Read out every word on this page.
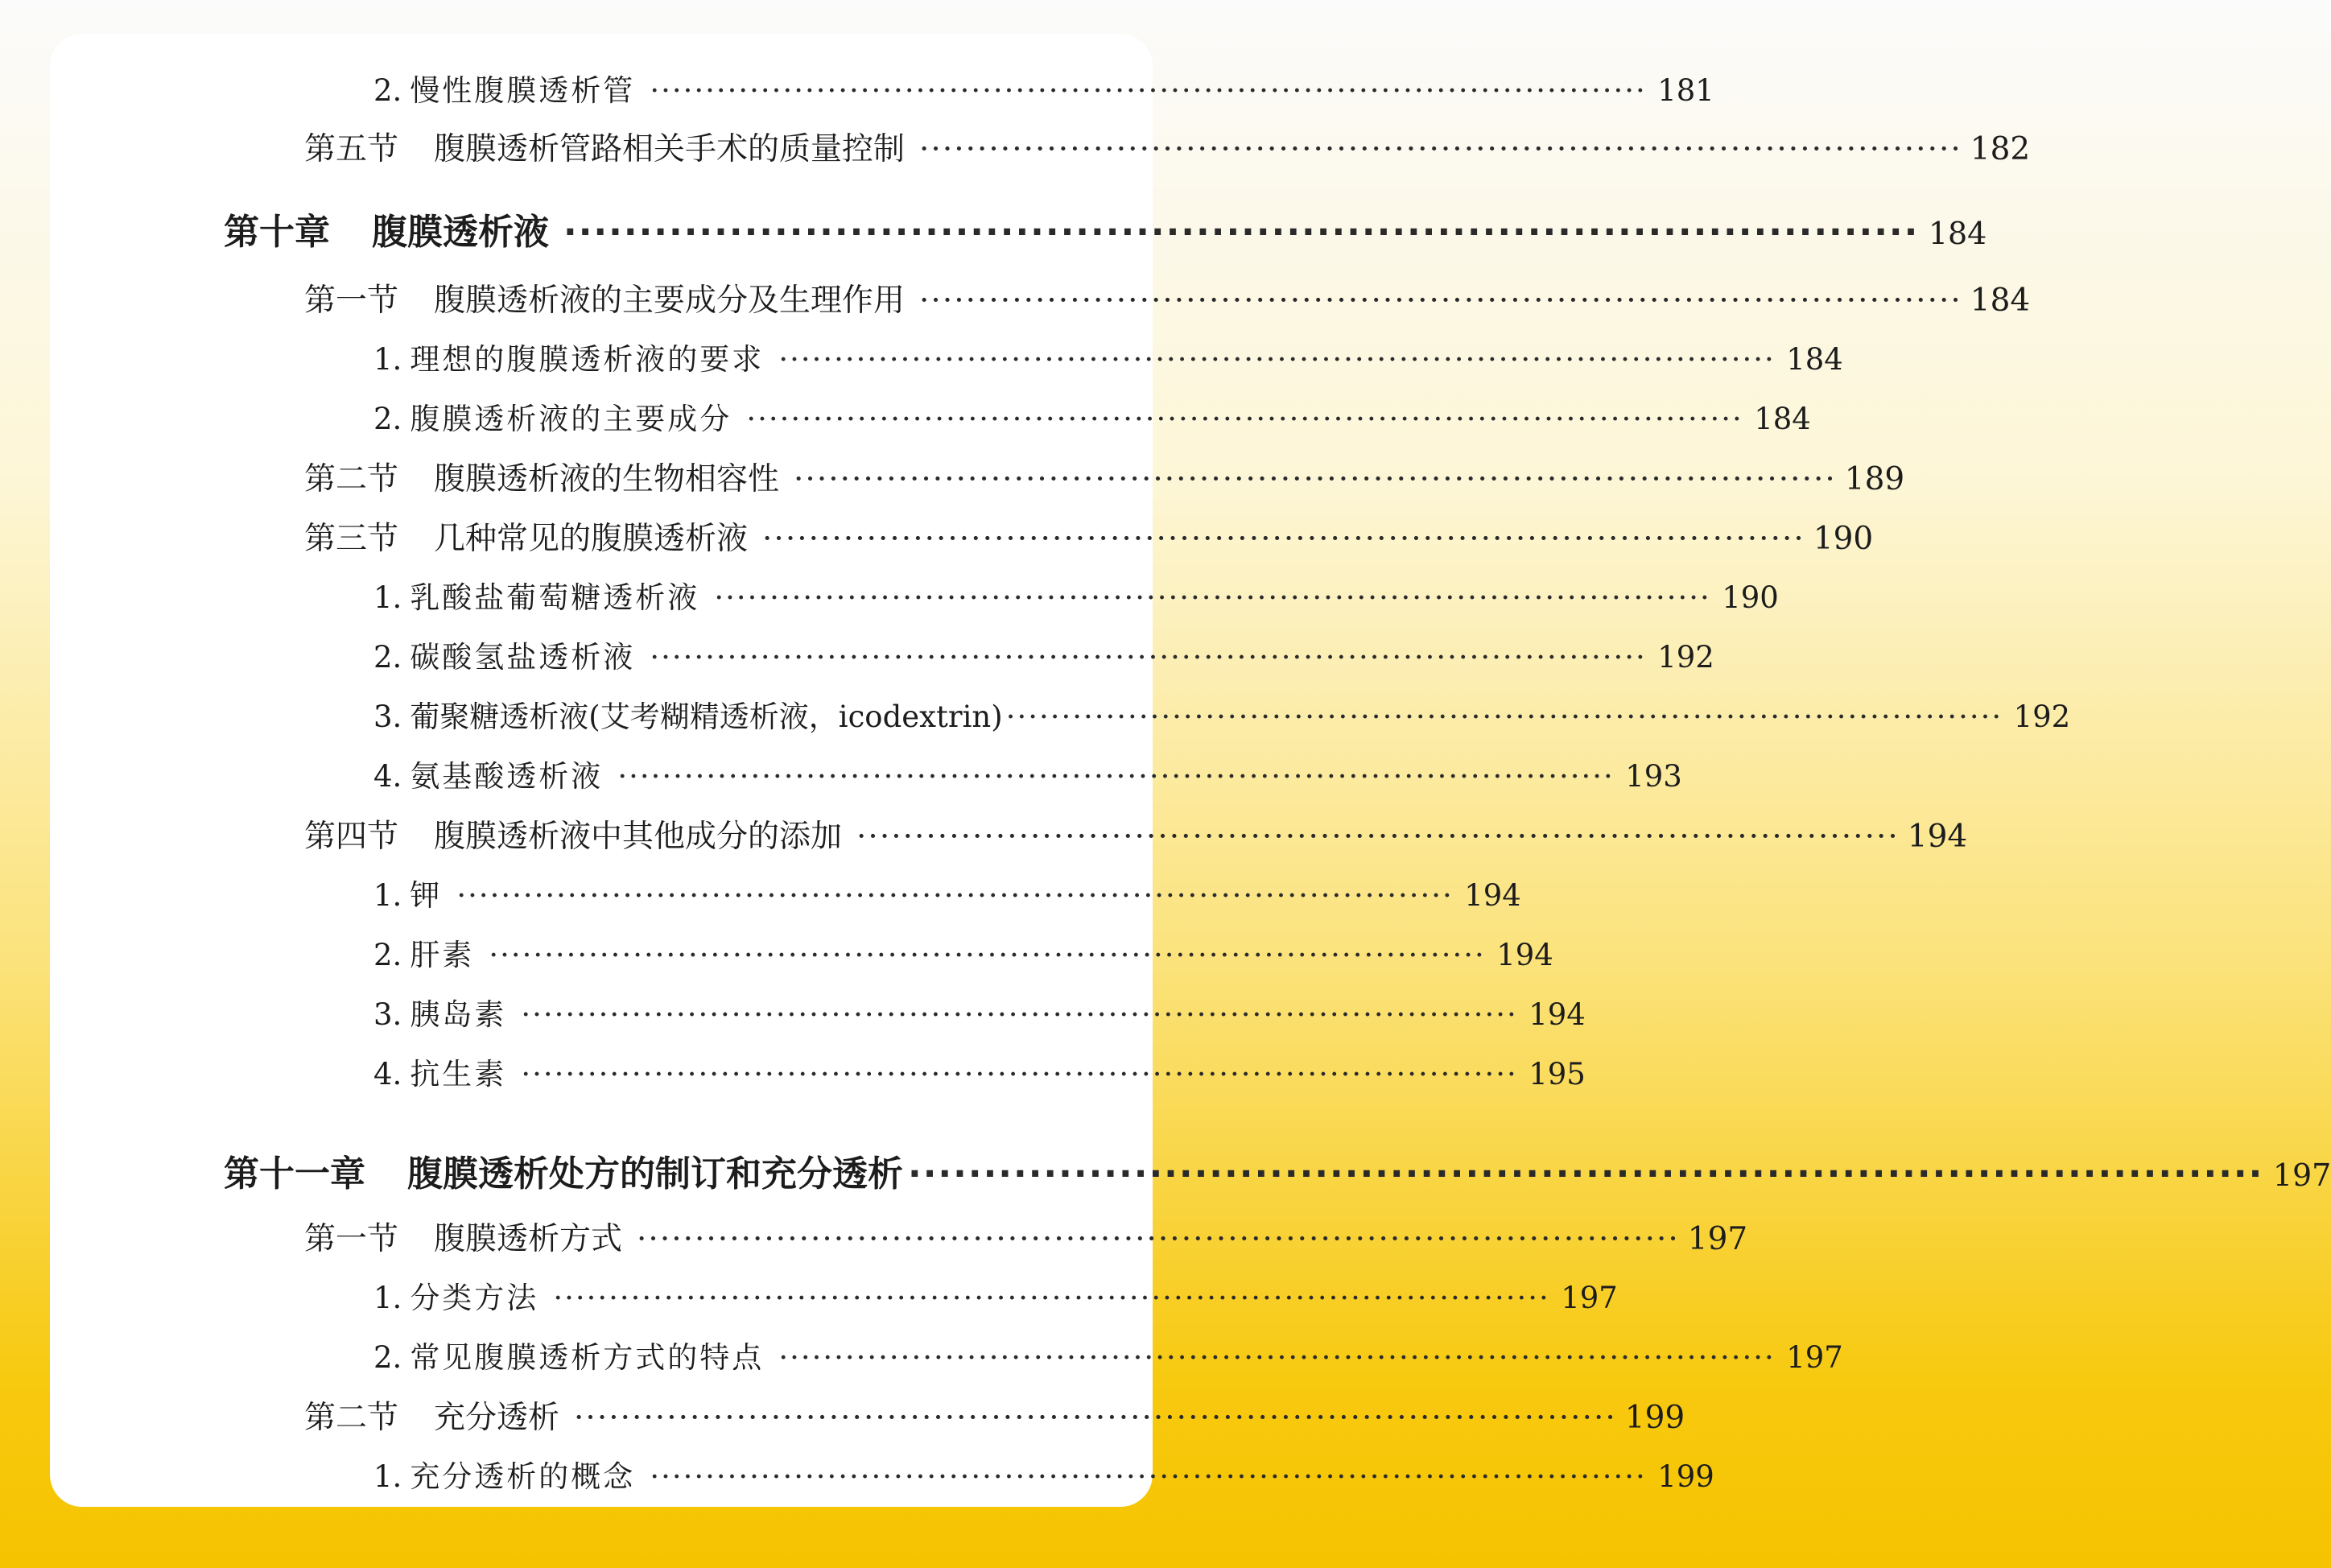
2. 慢性腹膜透析管 ·························································································· 181
第五节 腹膜透析管路相关手术的质量控制 ·························································································· 182
第十章 腹膜透析液 ·························································································· 184
第一节 腹膜透析液的主要成分及生理作用 ·························································································· 184
1. 理想的腹膜透析液的要求 ·························································································· 184
2. 腹膜透析液的主要成分 ·························································································· 184
第二节 腹膜透析液的生物相容性 ·························································································· 189
第三节 几种常见的腹膜透析液 ·························································································· 190
1. 乳酸盐葡萄糖透析液 ·························································································· 190
2. 碳酸氢盐透析液 ·························································································· 192
3. 葡聚糖透析液(艾考糊精透析液，icodextrin) ·························································································· 192
4. 氨基酸透析液 ·························································································· 193
第四节 腹膜透析液中其他成分的添加 ·························································································· 194
1. 钾 ·························································································· 194
2. 肝素 ·························································································· 194
3. 胰岛素 ·························································································· 194
4. 抗生素 ·························································································· 195
第十一章 腹膜透析处方的制订和充分透析 ·························································································· 197
第一节 腹膜透析方式 ·························································································· 197
1. 分类方法 ·························································································· 197
2. 常见腹膜透析方式的特点 ·························································································· 197
第二节 充分透析 ·························································································· 199
1. 充分透析的概念 ·························································································· 199
